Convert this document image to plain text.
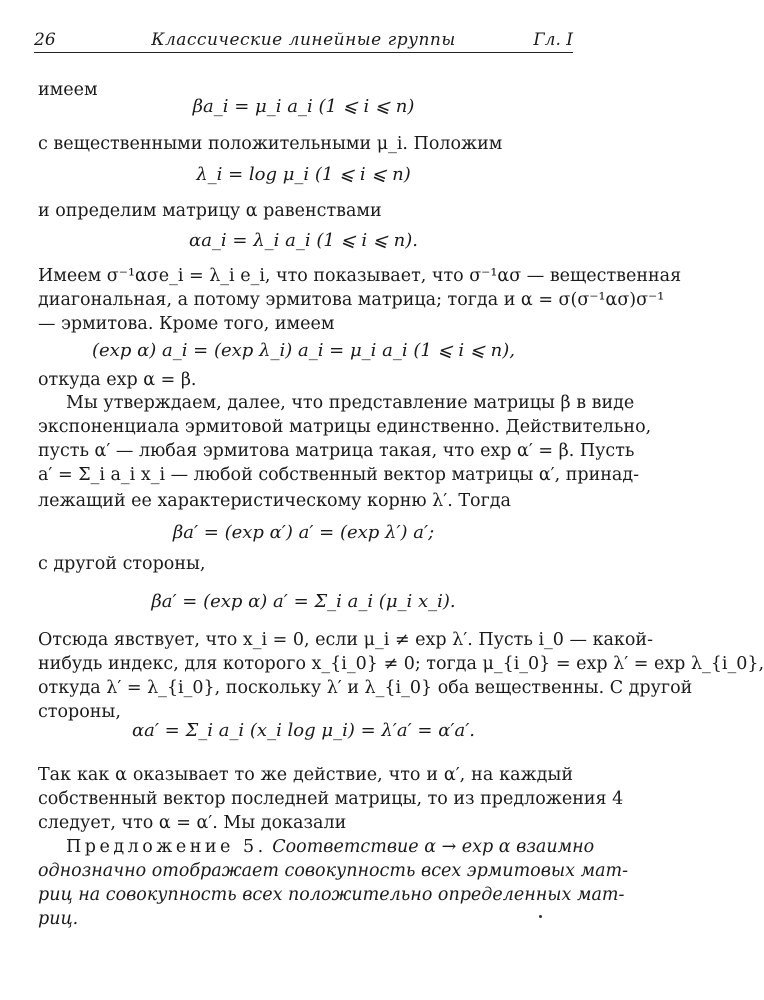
26	Классические линейные группы	Гл. I
имеем
βa_i = μ_i a_i (1 ⩽ i ⩽ n)
с вещественными положительными μ_i. Положим
λ_i = log μ_i (1 ⩽ i ⩽ n)
и определим матрицу α равенствами
αa_i = λ_i a_i (1 ⩽ i ⩽ n).
Имеем σ⁻¹ασe_i = λ_i e_i, что показывает, что σ⁻¹ασ — вещественная
диагональная, а потому эрмитова матрица; тогда и α = σ(σ⁻¹ασ)σ⁻¹
— эрмитова. Кроме того, имеем
(exp α) a_i = (exp λ_i) a_i = μ_i a_i (1 ⩽ i ⩽ n),
откуда exp α = β.
Мы утверждаем, далее, что представление матрицы β в виде
экспоненциала эрмитовой матрицы единственно. Действительно,
пусть α′ — любая эрмитова матрица такая, что exp α′ = β. Пусть
a′ = Σ_i a_i x_i — любой собственный вектор матрицы α′, принад-
лежащий ее характеристическому корню λ′. Тогда
βa′ = (exp α′) a′ = (exp λ′) a′;
с другой стороны,
βa′ = (exp α) a′ = Σ_i a_i (μ_i x_i).
Отсюда явствует, что x_i = 0, если μ_i ≠ exp λ′. Пусть i_0 — какой-
нибудь индекс, для которого x_{i_0} ≠ 0; тогда μ_{i_0} = exp λ′ = exp λ_{i_0},
откуда λ′ = λ_{i_0}, поскольку λ′ и λ_{i_0} оба вещественны. С другой
стороны,
αa′ = Σ_i a_i (x_i log μ_i) = λ′a′ = α′a′.
Так как α оказывает то же действие, что и α′, на каждый
собственный вектор последней матрицы, то из предложения 4
следует, что α = α′. Мы доказали
Предложение 5. Соответствие α → exp α взаимно
однозначно отображает совокупность всех эрмитовых мат-
риц на совокупность всех положительно определенных мат-
риц.
